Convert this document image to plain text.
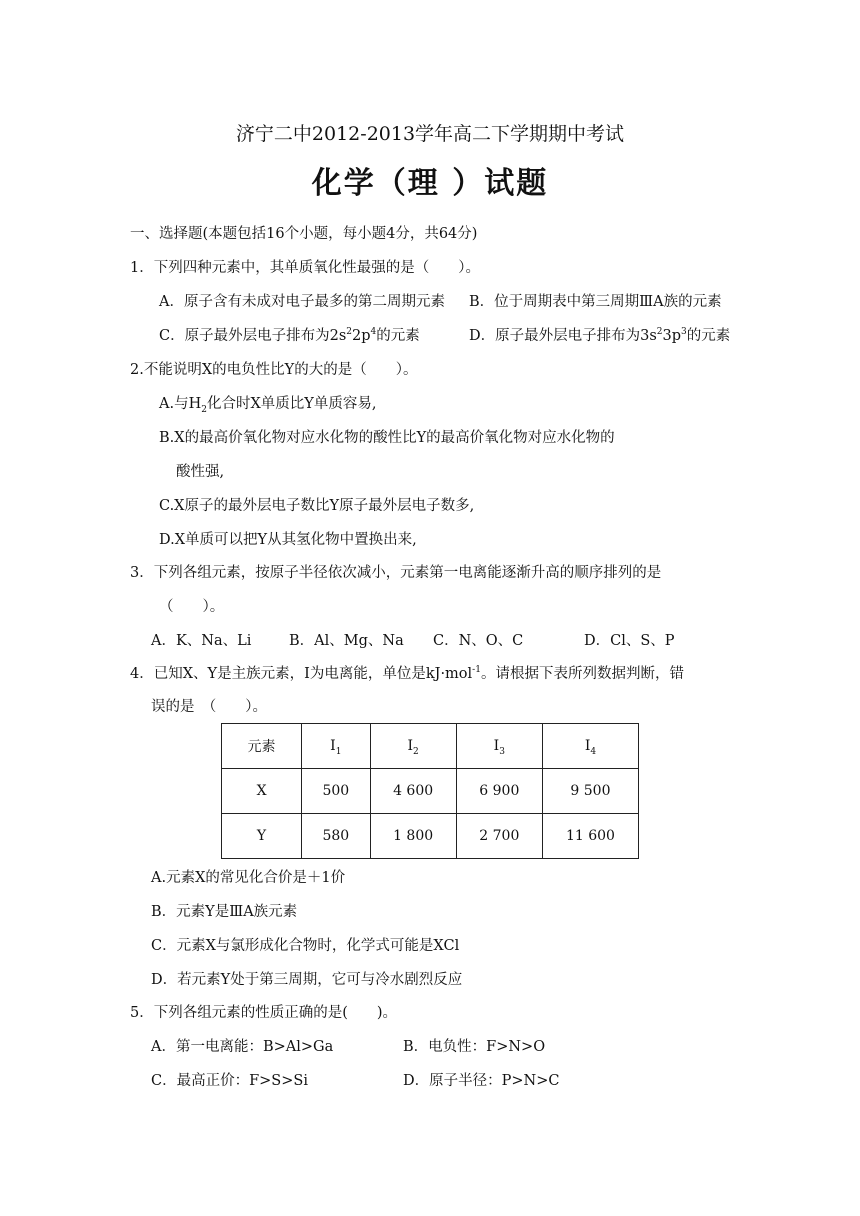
济宁二中2012-2013学年高二下学期期中考试
化学（理 ）试题
一、选择题(本题包括16个小题，每小题4分，共64分)
1．下列四种元素中，其单质氧化性最强的是（　　）。
A．原子含有未成对电子最多的第二周期元素 B．位于周期表中第三周期ⅢA族的元素
C．原子最外层电子排布为$2s^22p^4$的元素	D．原子最外层电子排布为$3s^23p^3$的元素
2.不能说明X的电负性比Y的大的是（　　）。
A.与$H_2$化合时X单质比Y单质容易,
B.X的最高价氧化物对应水化物的酸性比Y的最高价氧化物对应水化物的
酸性强,
C.X原子的最外层电子数比Y原子最外层电子数多,
D.X单质可以把Y从其氢化物中置换出来,
3．下列各组元素，按原子半径依次减小，元素第一电离能逐渐升高的顺序排列的是
（　　）。
A．K、Na、Li	B．Al、Mg、Na C．N、O、C	D．Cl、S、P
4．已知X、Y是主族元素，I为电离能，单位是kJ·mol$^{-1}$。请根据下表所列数据判断，错
误的是　（　　）。
元素	$I_1$	$I_2$	$I_3$	$I_4$
X	500	4 600	6 900	9 500
Y	580	1 800	2 700	11 600
A.元素X的常见化合价是＋1价
B．元素Y是ⅢA族元素
C．元素X与氯形成化合物时，化学式可能是XCl
D．若元素Y处于第三周期，它可与冷水剧烈反应
5．下列各组元素的性质正确的是(　　)。
A．第一电离能：B>Al>Ga	B．电负性：F>N>O
C．最高正价：F>S>Si	D．原子半径：P>N>C
